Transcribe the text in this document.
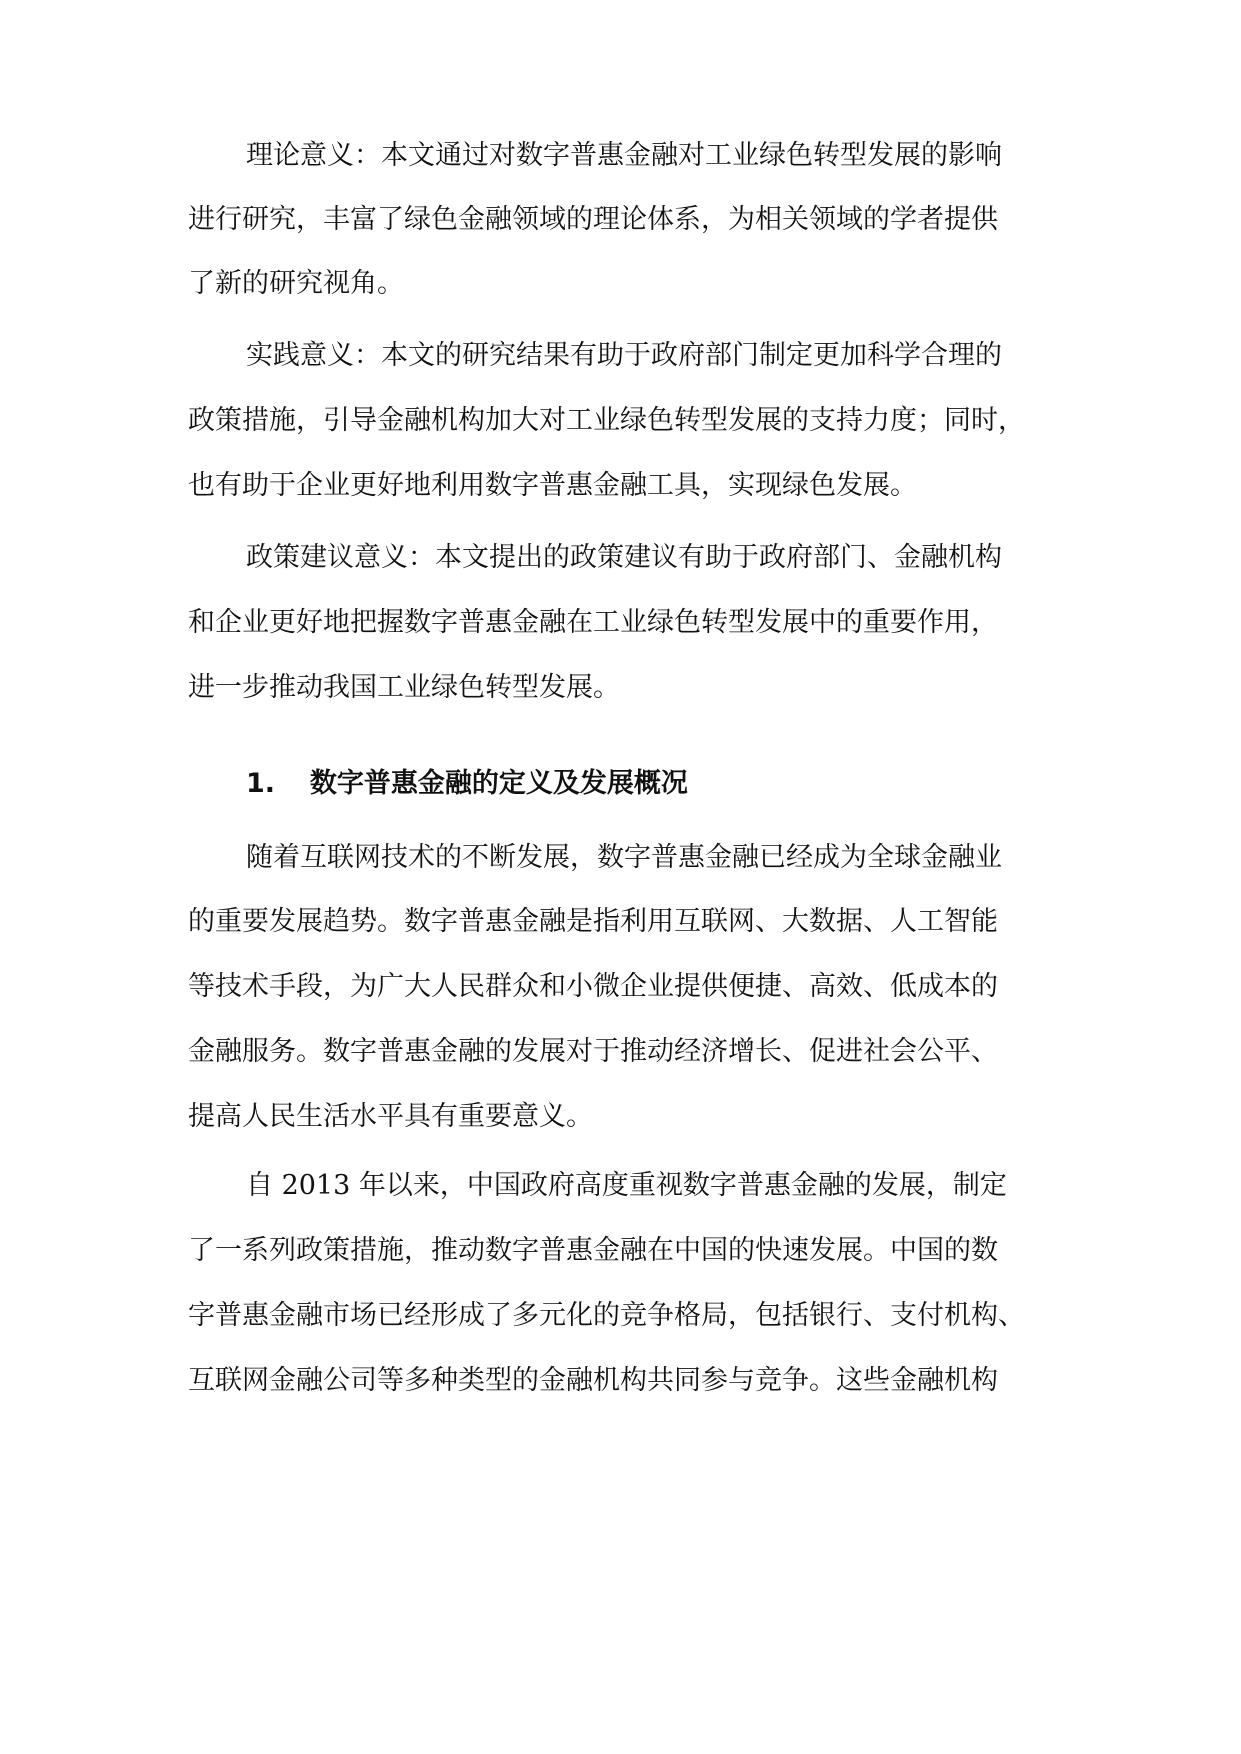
理论意义：本文通过对数字普惠金融对工业绿色转型发展的影响
进行研究，丰富了绿色金融领域的理论体系，为相关领域的学者提供
了新的研究视角。
实践意义：本文的研究结果有助于政府部门制定更加科学合理的
政策措施，引导金融机构加大对工业绿色转型发展的支持力度；同时，
也有助于企业更好地利用数字普惠金融工具，实现绿色发展。
政策建议意义：本文提出的政策建议有助于政府部门、金融机构
和企业更好地把握数字普惠金融在工业绿色转型发展中的重要作用，
进一步推动我国工业绿色转型发展。
1. 数字普惠金融的定义及发展概况
随着互联网技术的不断发展，数字普惠金融已经成为全球金融业
的重要发展趋势。数字普惠金融是指利用互联网、大数据、人工智能
等技术手段，为广大人民群众和小微企业提供便捷、高效、低成本的
金融服务。数字普惠金融的发展对于推动经济增长、促进社会公平、
提高人民生活水平具有重要意义。
自 2013 年以来，中国政府高度重视数字普惠金融的发展，制定
了一系列政策措施，推动数字普惠金融在中国的快速发展。中国的数
字普惠金融市场已经形成了多元化的竞争格局，包括银行、支付机构、
互联网金融公司等多种类型的金融机构共同参与竞争。这些金融机构
